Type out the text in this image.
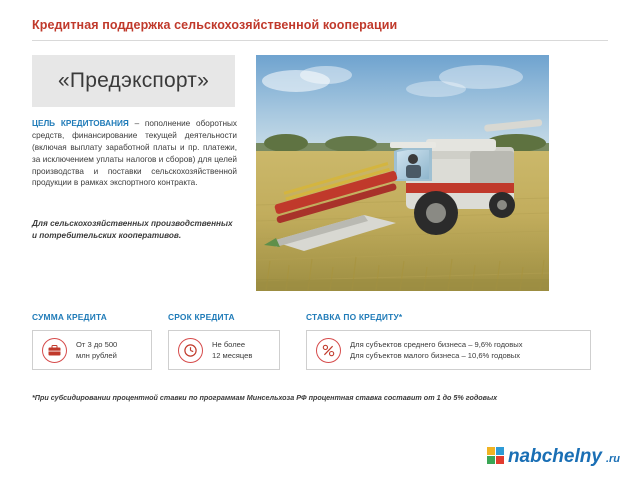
Кредитная поддержка сельскохозяйственной кооперации
«Предэкспорт»
ЦЕЛЬ КРЕДИТОВАНИЯ – пополнение оборотных средств, финансирование текущей деятельности (включая выплату заработной платы и пр. платежи, за исключением уплаты налогов и сборов) для целей производства и поставки сельскохозяйственной продукции в рамках экспортного контракта.
Для сельскохозяйственных производственных и потребительских кооперативов.
СУММА КРЕДИТА
От 3 до 500
млн рублей
СРОК КРЕДИТА
Не более
12 месяцев
СТАВКА ПО КРЕДИТУ*
Для субъектов среднего бизнеса – 9,6% годовых
Для субъектов малого бизнеса – 10,6% годовых
*При субсидировании процентной ставки по программам Минсельхоза РФ процентная ставка составит от 1 до 5% годовых
nabchelny .ru
